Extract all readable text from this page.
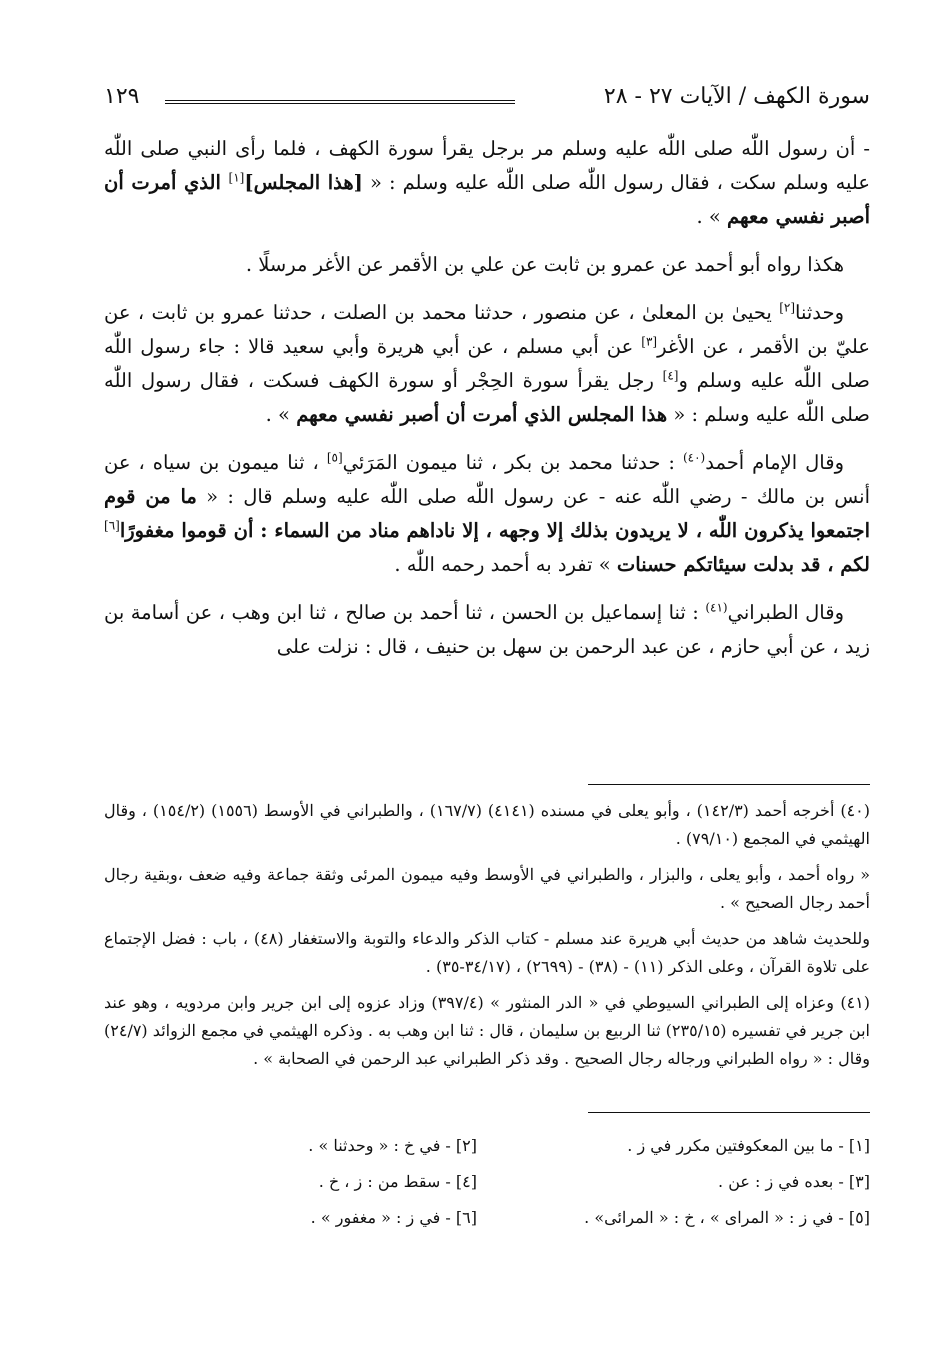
سورة الكهف / الآيات ٢٧ - ٢٨
١٢٩

- أن رسول اللّٰه صلى اللّٰه عليه وسلم مر برجل يقرأ سورة الكهف ، فلما رأى النبي صلى اللّٰه عليه وسلم سكت ، فقال رسول اللّٰه صلى اللّٰه عليه وسلم : « [هذا المجلس][١] الذي أمرت أن أصبر نفسي معهم » .

هكذا رواه أبو أحمد عن عمرو بن ثابت عن علي بن الأقمر عن الأغر مرسلًا .

وحدثنا[٢] يحيىٰ بن المعلىٰ ، عن منصور ، حدثنا محمد بن الصلت ، حدثنا عمرو بن ثابت ، عن عليّ بن الأقمر ، عن الأغر[٣] عن أبي مسلم ، عن أبي هريرة وأبي سعيد قالا : جاء رسول اللّٰه صلى اللّٰه عليه وسلم و[٤] رجل يقرأ سورة الحِجْر أو سورة الكهف فسكت ، فقال رسول اللّٰه صلى اللّٰه عليه وسلم : « هذا المجلس الذي أمرت أن أصبر نفسي معهم » .

وقال الإمام أحمد$^{(٤٠)}$ : حدثنا محمد بن بكر ، ثنا ميمون المَرَئي[٥] ، ثنا ميمون بن سياه ، عن أنس بن مالك - رضي اللّٰه عنه - عن رسول اللّٰه صلى اللّٰه عليه وسلم قال : « ما من قوم اجتمعوا يذكرون اللّٰه ، لا يريدون بذلك إلا وجهه ، إلا ناداهم مناد من السماء : أن قوموا مغفورًا[٦] لكم ، قد بدلت سيئاتكم حسنات » تفرد به أحمد رحمه اللّٰه .

وقال الطبراني$^{(٤١)}$ : ثنا إسماعيل بن الحسن ، ثنا أحمد بن صالح ، ثنا ابن وهب ، عن أسامة بن زيد ، عن أبي حازم ، عن عبد الرحمن بن سهل بن حنيف ، قال : نزلت على

(٤٠) أخرجه أحمد (١٤٢/٣) ، وأبو يعلى في مسنده (٤١٤١) (١٦٧/٧) ، والطبراني في الأوسط (١٥٥٦) (١٥٤/٢) ، وقال الهيثمي في المجمع (٧٩/١٠) .

« رواه أحمد ، وأبو يعلى ، والبزار ، والطبراني في الأوسط وفيه ميمون المرئى وثقة جماعة وفيه ضعف ،وبقية رجال أحمد رجال الصحيح » .

وللحديث شاهد من حديث أبي هريرة عند مسلم - كتاب الذكر والدعاء والتوبة والاستغفار (٤٨) ، باب : فضل الإجتماع على تلاوة القرآن ، وعلى الذكر (١١) - (٣٨) - (٢٦٩٩) ، (٣٤/١٧-٣٥) .

(٤١) وعزاه إلى الطبراني السيوطي في « الدر المنثور » (٣٩٧/٤) وزاد عزوه إلى ابن جرير وابن مردويه ، وهو عند ابن جرير في تفسيره (٢٣٥/١٥) ثنا الربيع بن سليمان ، قال : ثنا ابن وهب به . وذكره الهيثمي في مجمع الزوائد (٢٤/٧) وقال : « رواه الطبراني ورجاله رجال الصحيح . وقد ذكر الطبراني عبد الرحمن في الصحابة » .

[١] - ما بين المعكوفتين مكرر في ز .
[٢] - في خ : « وحدثنا » .
[٣] - بعده في ز : عن .
[٤] - سقط من : ز ، خ .
[٥] - في ز : « المراى » ، خ : « المرائى» .
[٦] - في ز : « مغفور » .
